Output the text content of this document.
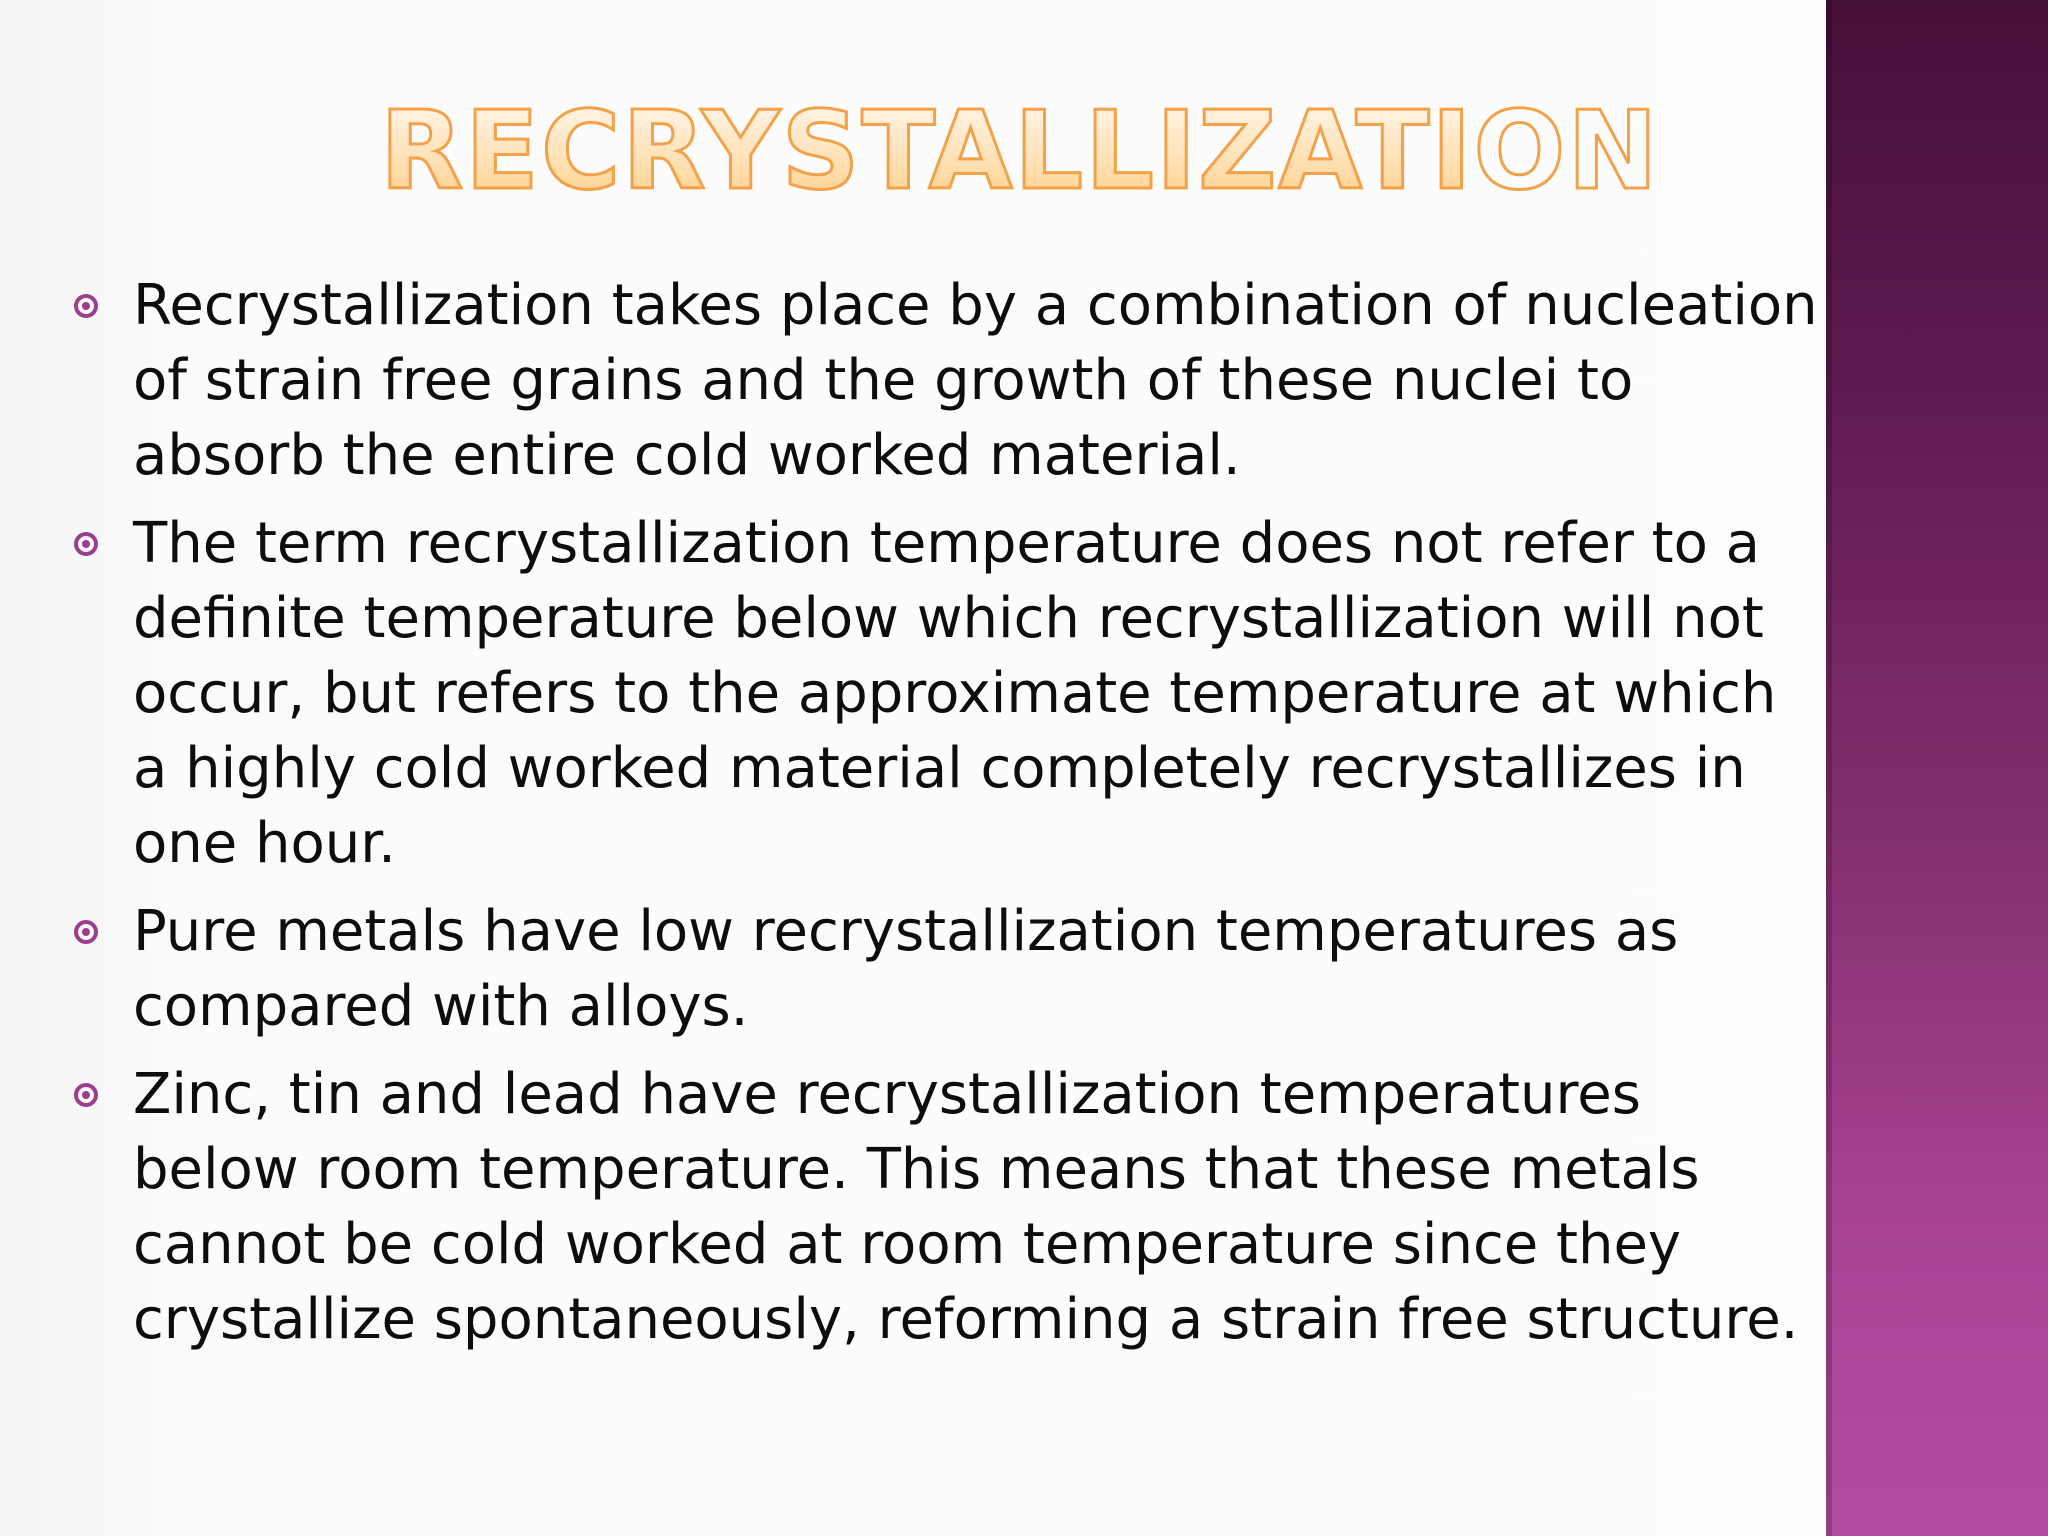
RECRYSTALLIZATION
Recrystallization takes place by a combination of nucleation of strain free grains and the growth of these nuclei to absorb the entire cold worked material.
The term recrystallization temperature does not refer to a definite temperature below which recrystallization will not occur, but refers to the approximate temperature at which a highly cold worked material completely recrystallizes in one hour.
Pure metals have low recrystallization temperatures as compared with alloys.
Zinc, tin and lead have recrystallization temperatures below room temperature. This means that these metals cannot be cold worked at room temperature since they crystallize spontaneously, reforming a strain free structure.
